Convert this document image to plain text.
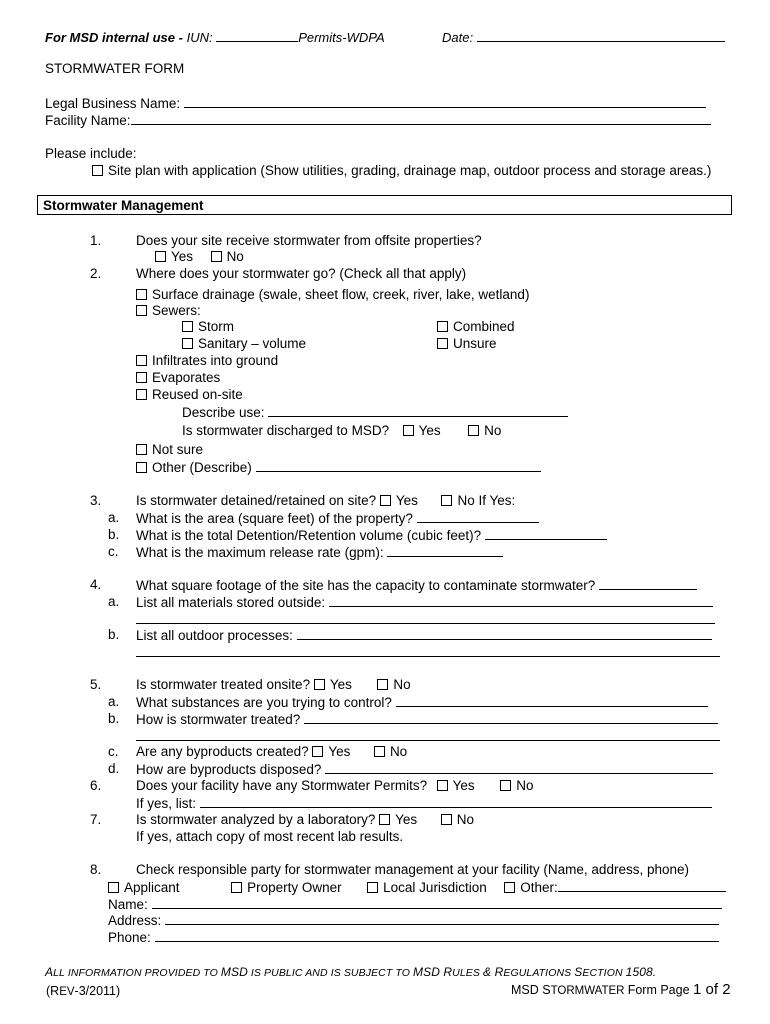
For MSD internal use - IUN:	Permits-WDPA	Date:
STORMWATER FORM
Legal Business Name:
Facility Name:
Please include:
Site plan with application (Show utilities, grading, drainage map, outdoor process and storage areas.)
Stormwater Management
1.	Does your site receive stormwater from offsite properties?
Yes No
2.	Where does your stormwater go? (Check all that apply)
Surface drainage (swale, sheet flow, creek, river, lake, wetland)
Sewers:
Storm	Combined
Sanitary – volume	Unsure
Infiltrates into ground
Evaporates
Reused on-site
Describe use:
Is stormwater discharged to MSD? Yes	No
Not sure
Other (Describe)
3.	Is stormwater detained/retained on site? Yes	No If Yes:
a. What is the area (square feet) of the property?
b. What is the total Detention/Retention volume (cubic feet)?
c. What is the maximum release rate (gpm):
4.	What square footage of the site has the capacity to contaminate stormwater?
a. List all materials stored outside:
b. List all outdoor processes:
5.	Is stormwater treated onsite? Yes	No
a. What substances are you trying to control?
b. How is stormwater treated?
c. Are any byproducts created? Yes	No
d. How are byproducts disposed?
6.	Does your facility have any Stormwater Permits? Yes	No
If yes, list:
7.	Is stormwater analyzed by a laboratory? Yes	No
If yes, attach copy of most recent lab results.
8.	Check responsible party for stormwater management at your facility (Name, address, phone)
Applicant	Property Owner	Local Jurisdiction Other:
Name:
Address:
Phone:
ALL INFORMATION PROVIDED TO MSD IS PUBLIC AND IS SUBJECT TO MSD RULES & REGULATIONS SECTION 1508.
(REV-3/2011)	MSD STORMWATER Form Page 1 of 2
